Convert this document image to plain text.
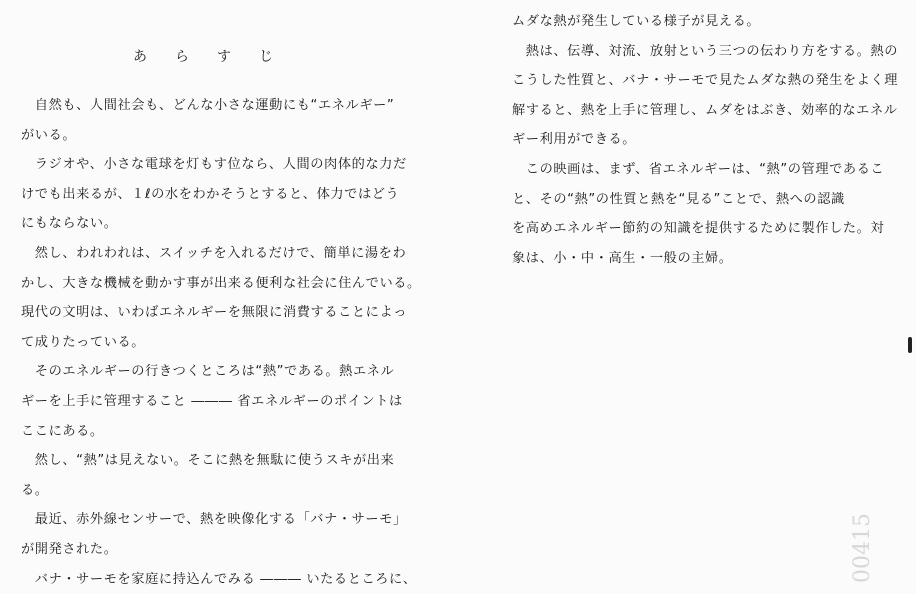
あらすじ
　自然も、人間社会も、どんな小さな運動にも“エネルギー”
がいる。
　ラジオや、小さな電球を灯もす位なら、人間の肉体的な力だ
けでも出来るが、１ℓの水をわかそうとすると、体力ではどう
にもならない。
　然し、われわれは、スイッチを入れるだけで、簡単に湯をわ
かし、大きな機械を動かす事が出来る便利な社会に住んでいる。
現代の文明は、いわばエネルギーを無限に消費することによっ
て成りたっている。
　そのエネルギーの行きつくところは“熱”である。熱エネル
ギーを上手に管理すること ――― 省エネルギーのポイントは
ここにある。
　然し、“熱”は見えない。そこに熱を無駄に使うスキが出来
る。
　最近、赤外線センサーで、熱を映像化する「バナ・サーモ」
が開発された。
　バナ・サーモを家庭に持込んでみる ――― いたるところに、
ムダな熱が発生している様子が見える。
　熱は、伝導、対流、放射という三つの伝わり方をする。熱の
こうした性質と、バナ・サーモで見たムダな熱の発生をよく理
解すると、熱を上手に管理し、ムダをはぶき、効率的なエネル
ギー利用ができる。
　この映画は、まず、省エネルギーは、“熱”の管理であるこ
と、その“熱”の性質と熱を“見る”ことで、熱への認識
を高めエネルギー節約の知識を提供するために製作した。対
象は、小・中・高生・一般の主婦。
00415
